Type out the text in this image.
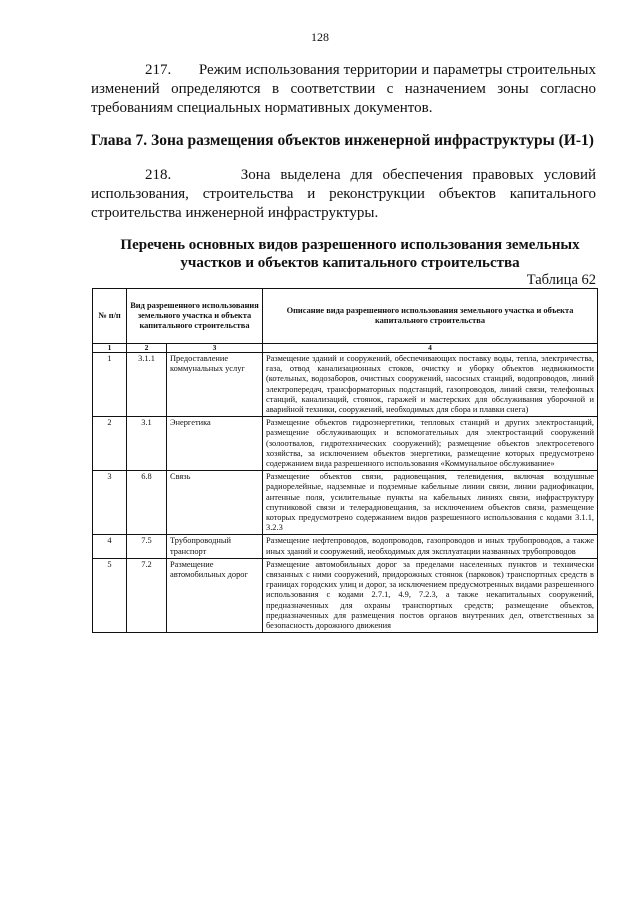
128
217. Режим использования территории и параметры строительных изменений определяются в соответствии с назначением зоны согласно требованиям специальных нормативных документов.
Глава 7. Зона размещения объектов инженерной инфраструктуры (И-1)
218.	Зона выделена для обеспечения правовых условий использования, строительства и реконструкции объектов капитального строительства инженерной инфраструктуры.
Перечень основных видов разрешенного использования земельных участков и объектов капитального строительства
Таблица 62
№ п/п	Вид разрешенного использования земельного участка и объекта капитального строительства		Описание вида разрешенного использования земельного участка и объекта капитального строительства
1	2	3	4
1	3.1.1	Предоставление коммунальных услуг	Размещение зданий и сооружений, обеспечивающих поставку воды, тепла, электричества, газа, отвод канализационных стоков, очистку и уборку объектов недвижимости (котельных, водозаборов, очистных сооружений, насосных станций, водопроводов, линий электропередач, трансформаторных подстанций, газопроводов, линий связи, телефонных станций, канализаций, стоянок, гаражей и мастерских для обслуживания уборочной и аварийной техники, сооружений, необходимых для сбора и плавки снега)
2	3.1	Энергетика	Размещение объектов гидроэнергетики, тепловых станций и других электростанций, размещение обслуживающих и вспомогательных для электростанций сооружений (золоотвалов, гидротехнических сооружений); размещение объектов электросетевого хозяйства, за исключением объектов энергетики, размещение которых предусмотрено содержанием вида разрешенного использования «Коммунальное обслуживание»
3	6.8	Связь	Размещение объектов связи, радиовещания, телевидения, включая воздушные радиорелейные, надземные и подземные кабельные линии связи, линии радиофикации, антенные поля, усилительные пункты на кабельных линиях связи, инфраструктуру спутниковой связи и телерадиовещания, за исключением объектов связи, размещение которых предусмотрено содержанием видов разрешенного использования с кодами 3.1.1, 3.2.3
4	7.5	Трубопроводный транспорт	Размещение нефтепроводов, водопроводов, газопроводов и иных трубопроводов, а также иных зданий и сооружений, необходимых для эксплуатации названных трубопроводов
5	7.2	Размещение автомобильных дорог	Размещение автомобильных дорог за пределами населенных пунктов и технически связанных с ними сооружений, придорожных стоянок (парковок) транспортных средств в границах городских улиц и дорог, за исключением предусмотренных видами разрешенного использования с кодами 2.7.1, 4.9, 7.2.3, а также некапитальных сооружений, предназначенных для охраны транспортных средств; размещение объектов, предназначенных для размещения постов органов внутренних дел, ответственных за безопасность дорожного движения
